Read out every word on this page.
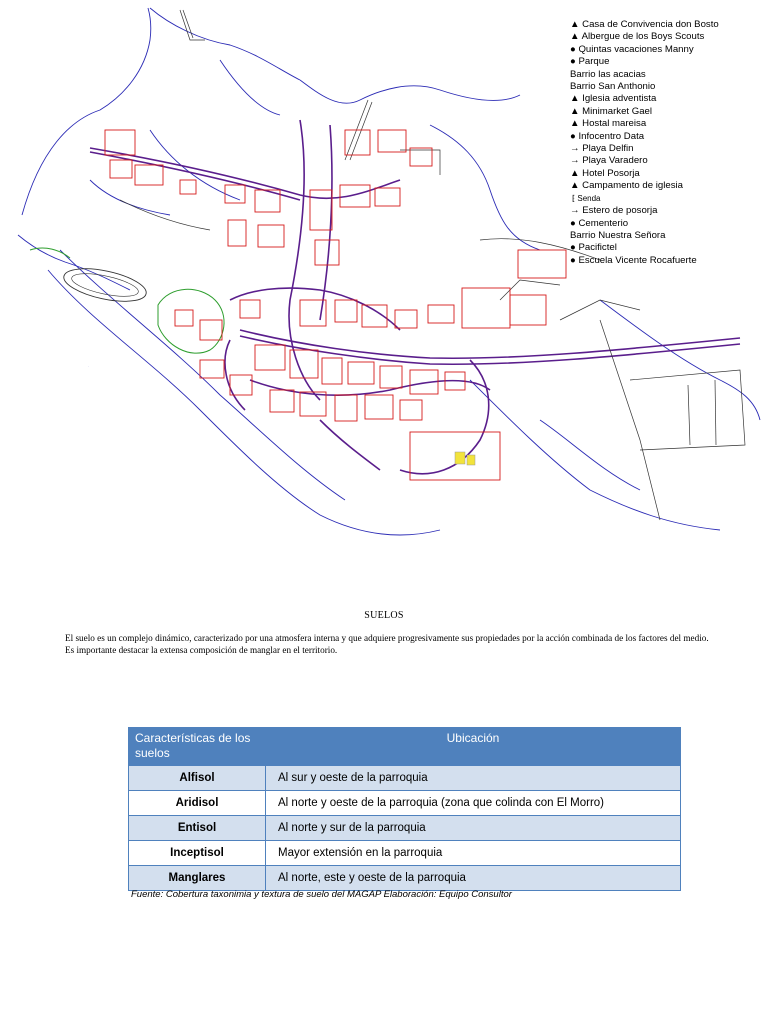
.
▲ Casa de Convivencia don Bosto
▲ Albergue de los Boys Scouts
● Quintas vacaciones Manny
● Parque
Barrio las acacias
Barrio San Anthonio
▲ Iglesia adventista
▲ Minimarket Gael
▲ Hostal mareisa
● Infocentro Data
→ Playa Delfin
→ Playa Varadero
▲ Hotel Posorja
▲ Campamento de iglesia
⁅ Senda
→ Estero de posorja
● Cementerio
Barrio Nuestra Señora
● Pacifictel
● Escuela Vicente Rocafuerte
SUELOS
El suelo es un complejo dinámico, caracterizado por una atmosfera interna y que adquiere progresivamente sus propiedades por la acción combinada de los factores del medio. Es importante destacar la extensa composición de manglar en el territorio.
Características de los suelos	Ubicación
Alfisol	Al sur y oeste de la parroquia
Aridisol	Al norte y oeste de la parroquia (zona que colinda con El Morro)
Entisol	Al norte y sur de la parroquia
Inceptisol	Mayor extensión en la parroquia
Manglares	Al norte, este y oeste de la parroquia
Fuente: Cobertura taxonimia y textura de suelo del MAGAP Elaboración: Equipo Consultor
